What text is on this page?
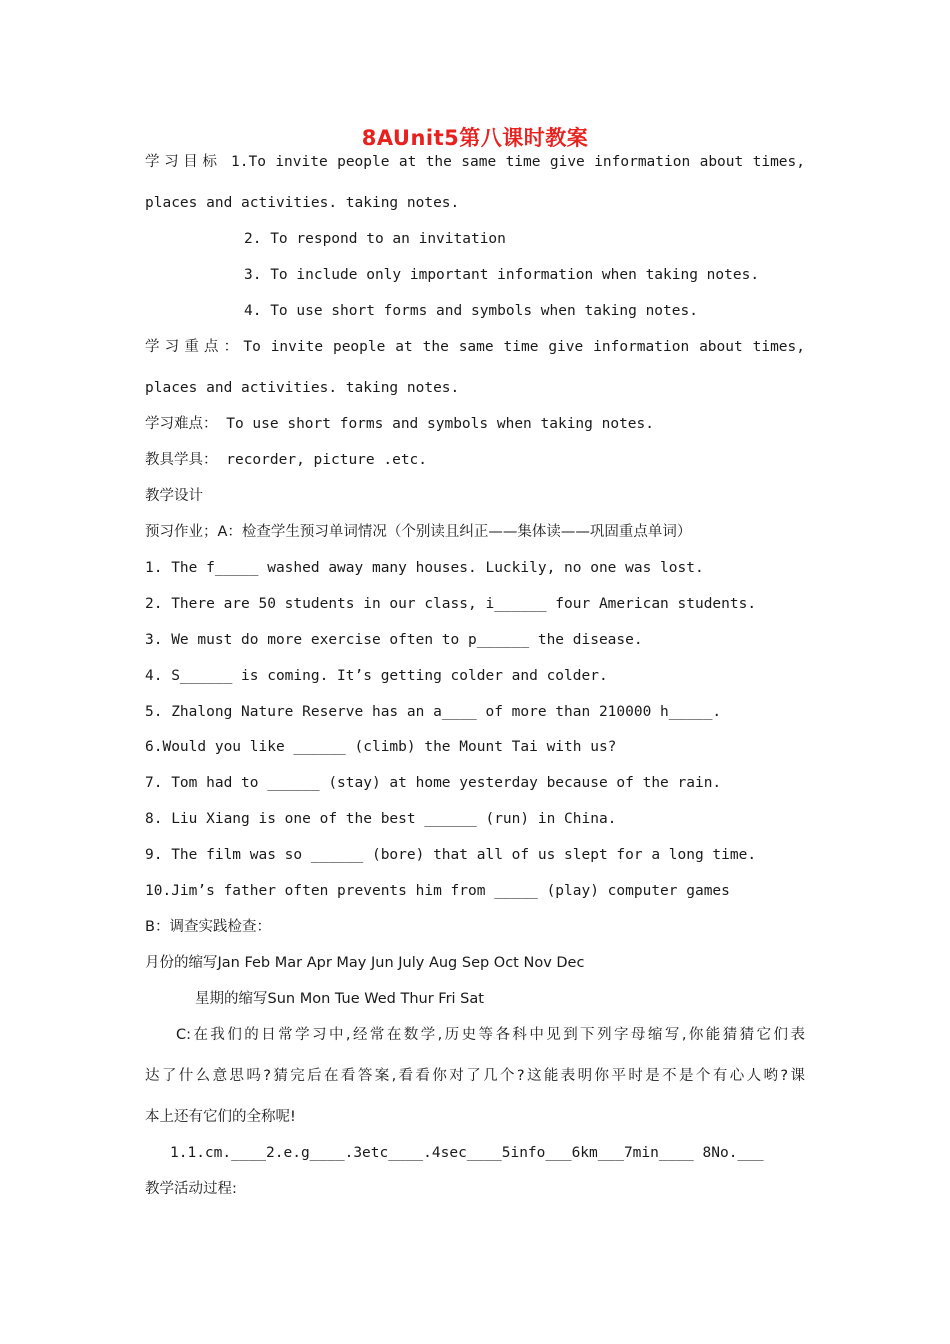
8AUnit5第八课时教案
学习目标 1.To invite people at the same time give information about times,
places and activities. taking notes.
2. To respond to an invitation
3. To include only important information when taking notes.
4. To use short forms and symbols when taking notes.
学习重点：To invite people at the same time give information about times,
places and activities. taking notes.
学习难点： To use short forms and symbols when taking notes.
教具学具： recorder, picture .etc.
教学设计
预习作业；A：检查学生预习单词情况（个别读且纠正——集体读——巩固重点单词）
1. The f_____ washed away many houses. Luckily, no one was lost.
2. There are 50 students in our class, i______ four American students.
3. We must do more exercise often to p______ the disease.
4. S______ is coming. It’s getting colder and colder.
5. Zhalong Nature Reserve has an a____ of more than 210000 h_____.
6.Would you like ______ (climb) the Mount Tai with us?
7. Tom had to ______ (stay) at home yesterday because of the rain.
8. Liu Xiang is one of the best ______ (run) in China.
9. The film was so ______ (bore) that all of us slept for a long time.
10.Jim’s father often prevents him from _____ (play) computer games
B：调查实践检查：
月份的缩写Jan Feb Mar Apr May Jun July Aug Sep Oct Nov Dec
星期的缩写Sun Mon Tue Wed Thur Fri Sat
C:在我们的日常学习中,经常在数学,历史等各科中见到下列字母缩写,你能猜猜它们表
达了什么意思吗?猜完后在看答案,看看你对了几个?这能表明你平时是不是个有心人哟?课
本上还有它们的全称呢!
1.1.cm.____2.e.g____.3etc____.4sec____5info___6km___7min____ 8No.___
教学活动过程:
